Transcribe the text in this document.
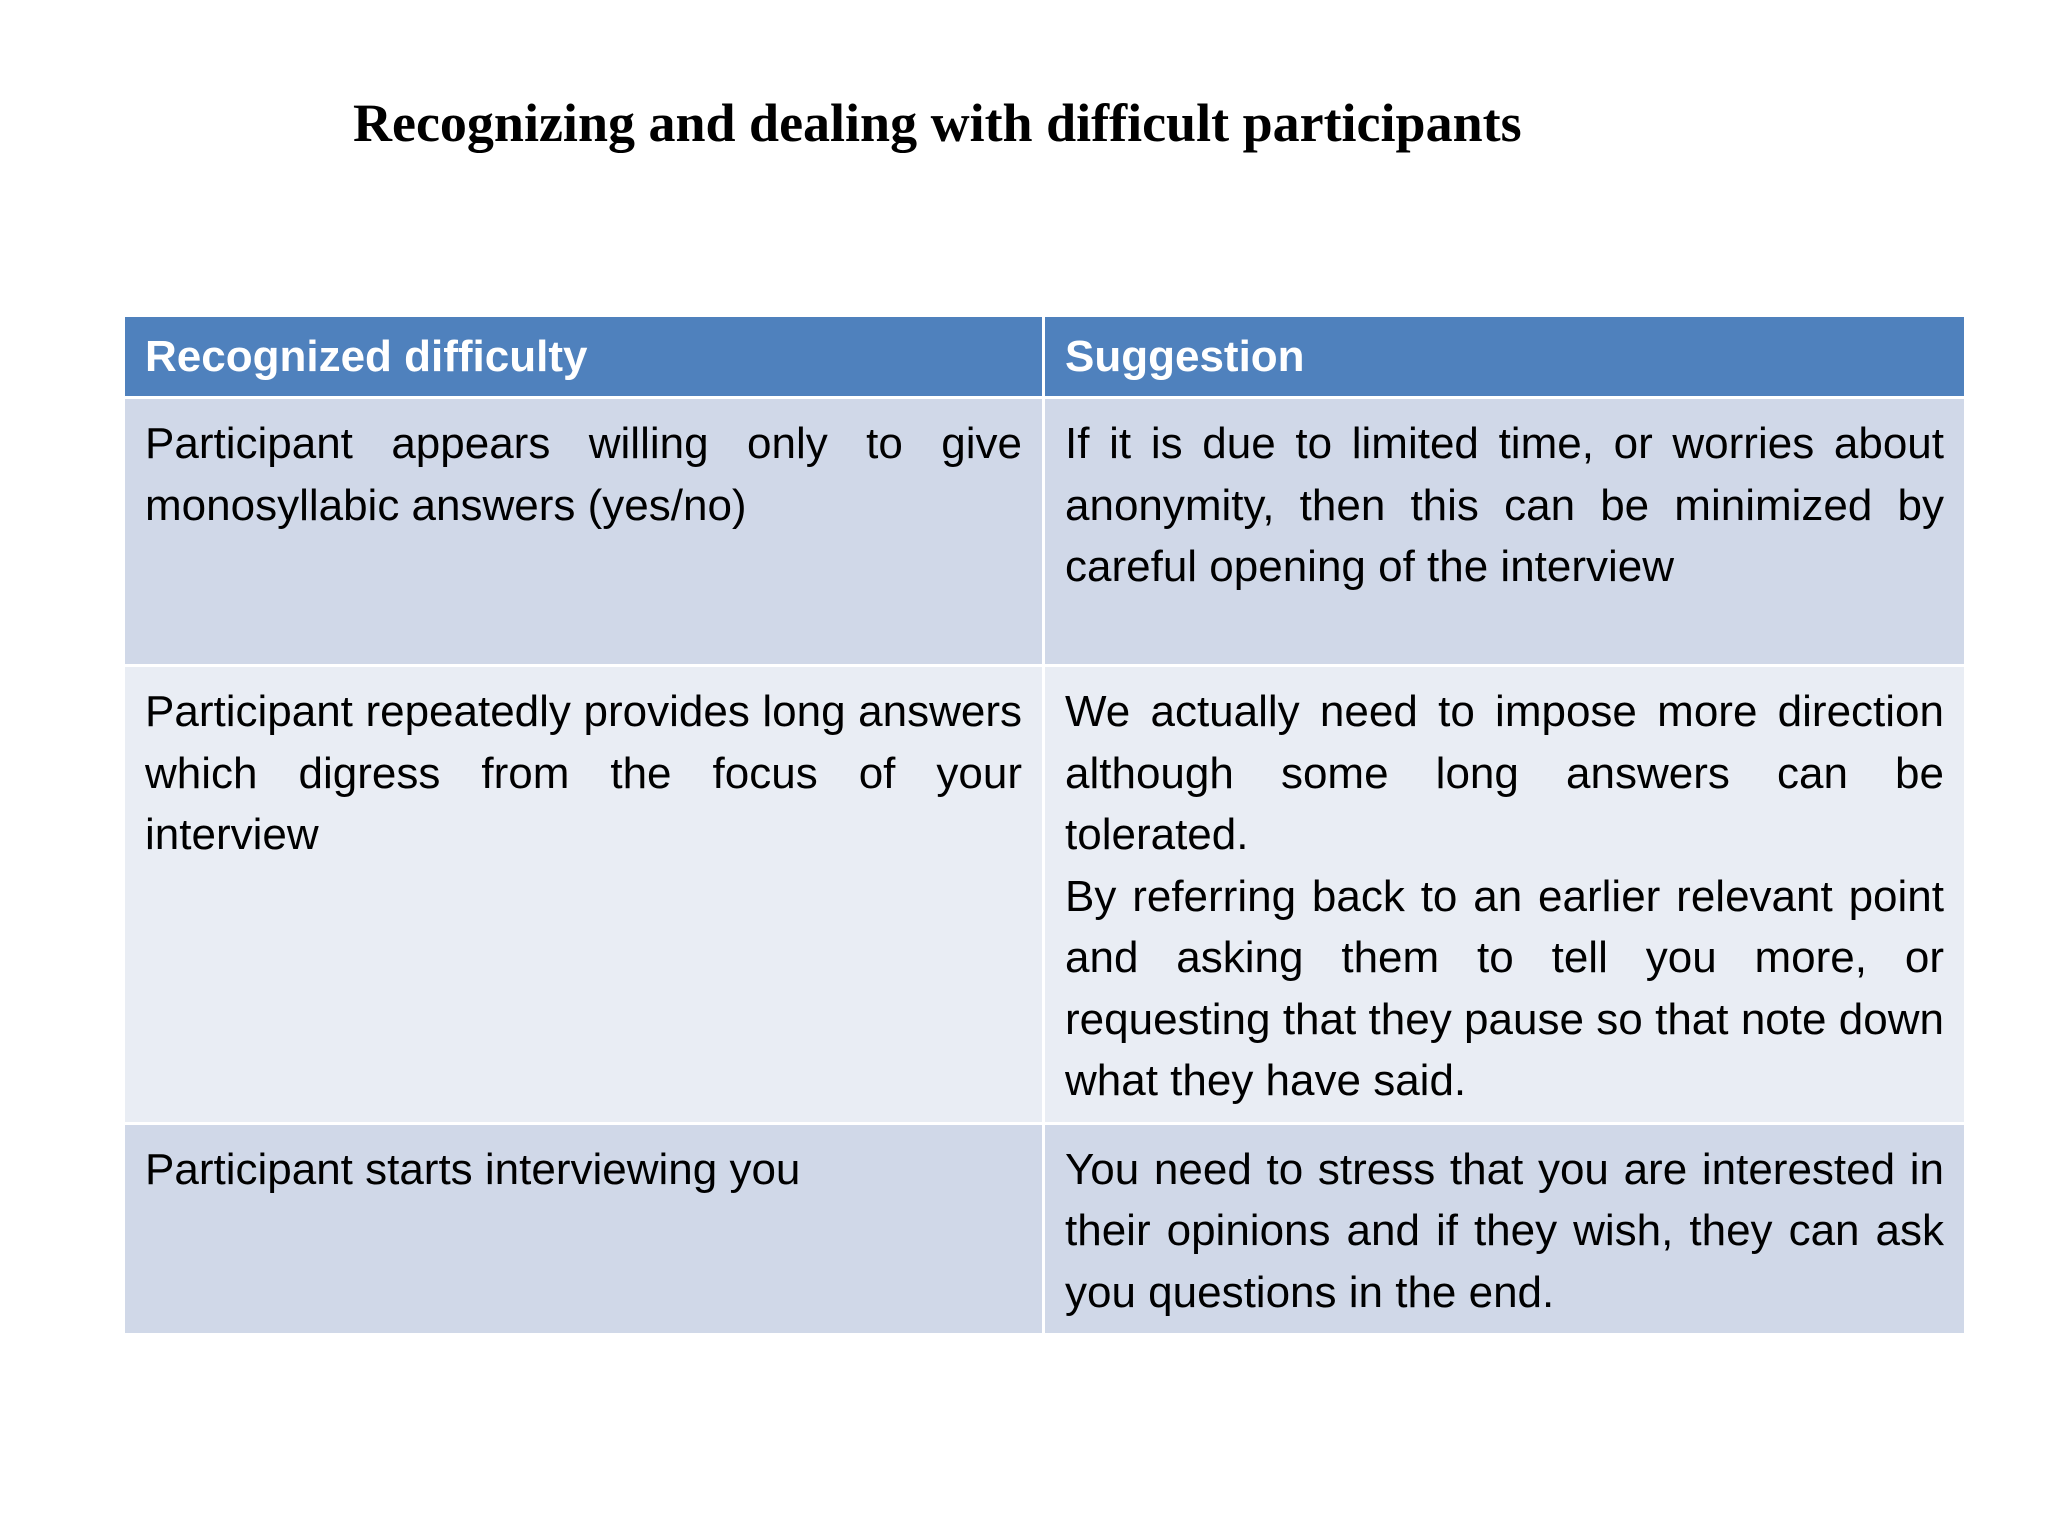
Recognizing and dealing with difficult participants
Recognized difficulty	Suggestion
Participant appears willing only to give monosyllabic answers (yes/no)	If it is due to limited time, or worries about anonymity, then this can be minimized by careful opening of the interview

Participant repeatedly provides long answers which digress from the focus of your interview	We actually need to impose more direction although some long answers can be tolerated.
By referring back to an earlier relevant point and asking them to tell you more, or requesting that they pause so that note down what they have said.

Participant starts interviewing you	You need to stress that you are interested in their opinions and if they wish, they can ask you questions in the end.
